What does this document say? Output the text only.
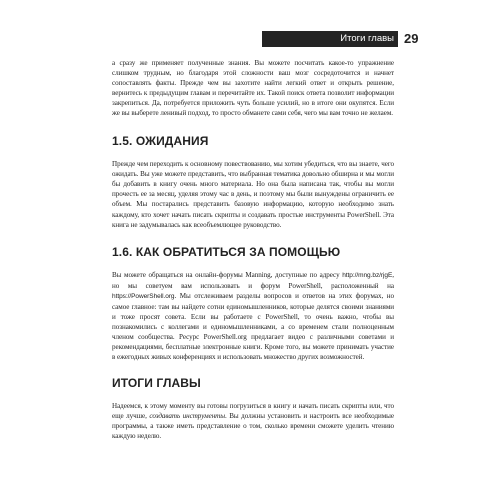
Итоги главы 29

а сразу же применяет полученные знания. Вы можете посчитать какое-то упражнение слишком трудным, но благодаря этой сложности ваш мозг сосредоточится и начнет сопоставлять факты. Прежде чем вы захотите найти легкий ответ и открыть решение, вернитесь к предыдущим главам и перечитайте их. Такой поиск ответа позволит информации закрепиться. Да, потребуется приложить чуть больше усилий, но в итоге они окупятся. Если же вы выберете ленивый подход, то просто обманете сами себя, чего мы вам точно не желаем.

1.5. ОЖИДАНИЯ

Прежде чем переходить к основному повествованию, мы хотим убедиться, что вы знаете, чего ожидать. Вы уже можете представить, что выбранная тематика довольно обширна и мы могли бы добавить в книгу очень много материала. Но она была написана так, чтобы вы могли прочесть ее за месяц, уделяя этому час в день, и поэтому мы были вынуждены ограничить ее объем. Мы постарались представить базовую информацию, которую необходимо знать каждому, кто хочет начать писать скрипты и создавать простые инструменты PowerShell. Эта книга не задумывалась как всеобъемлющее руководство.

1.6. КАК ОБРАТИТЬСЯ ЗА ПОМОЩЬЮ

Вы можете обращаться на онлайн-форумы Manning, доступные по адресу http://mng.bz/rjgE, но мы советуем вам использовать и форум PowerShell, расположенный на https://PowerShell.org. Мы отслеживаем разделы вопросов и ответов на этих форумах, но самое главное: там вы найдете сотни единомышленников, которые делятся своими знаниями и тоже просят совета. Если вы работаете с PowerShell, то очень важно, чтобы вы познакомились с коллегами и единомышленниками, а со временем стали полноценным членом сообщества. Ресурс PowerShell.org предлагает видео с различными советами и рекомендациями, бесплатные электронные книги. Кроме того, вы можете принимать участие в ежегодных живых конференциях и использовать множество других возможностей.

ИТОГИ ГЛАВЫ

Надеемся, к этому моменту вы готовы погрузиться в книгу и начать писать скрипты или, что еще лучше, создавать инструменты. Вы должны установить и настроить все необходимые программы, а также иметь представление о том, сколько времени сможете уделить чтению каждую неделю.
